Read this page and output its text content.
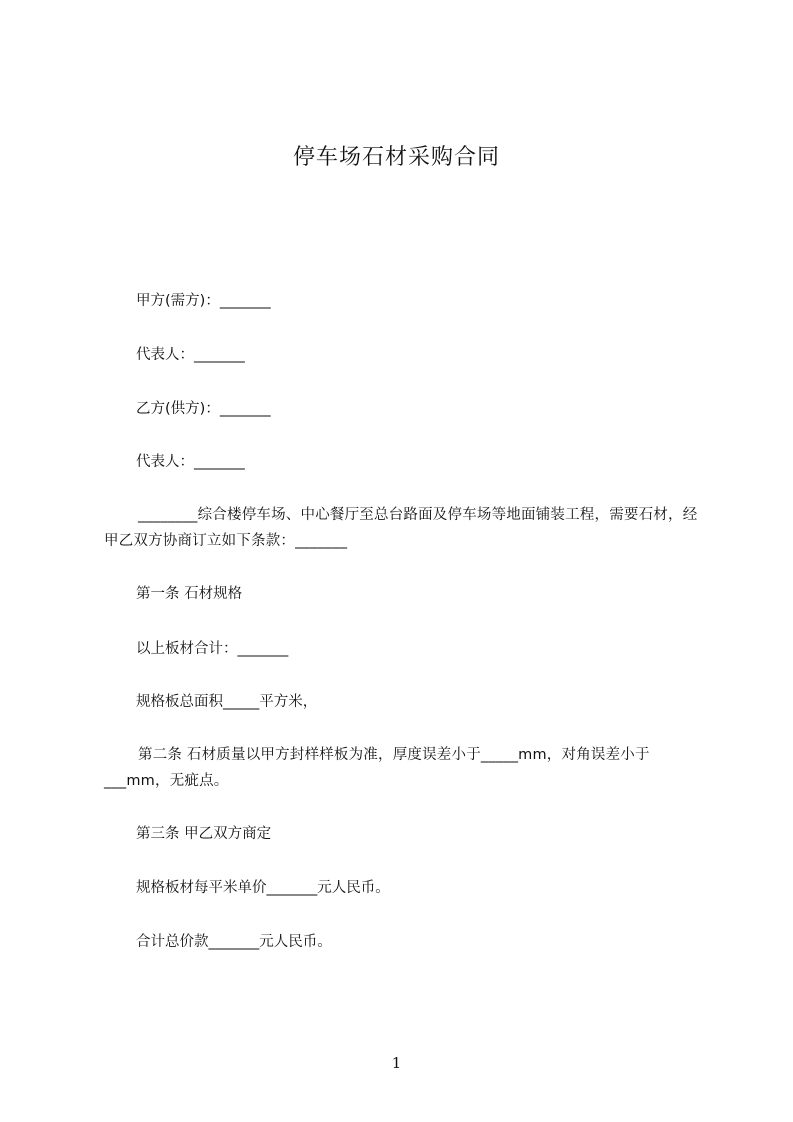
停车场石材采购合同

甲方(需方)：_______

代表人：_______

乙方(供方)：_______

代表人：_______

________综合楼停车场、中心餐厅至总台路面及停车场等地面铺装工程，需要石材，经甲乙双方协商订立如下条款：_______

第一条 石材规格

以上板材合计：_______

规格板总面积_____平方米，

第二条 石材质量以甲方封样样板为准，厚度误差小于_____mm，对角误差小于___mm，无疵点。

第三条 甲乙双方商定

规格板材每平米单价_______元人民币。

合计总价款_______元人民币。

1
